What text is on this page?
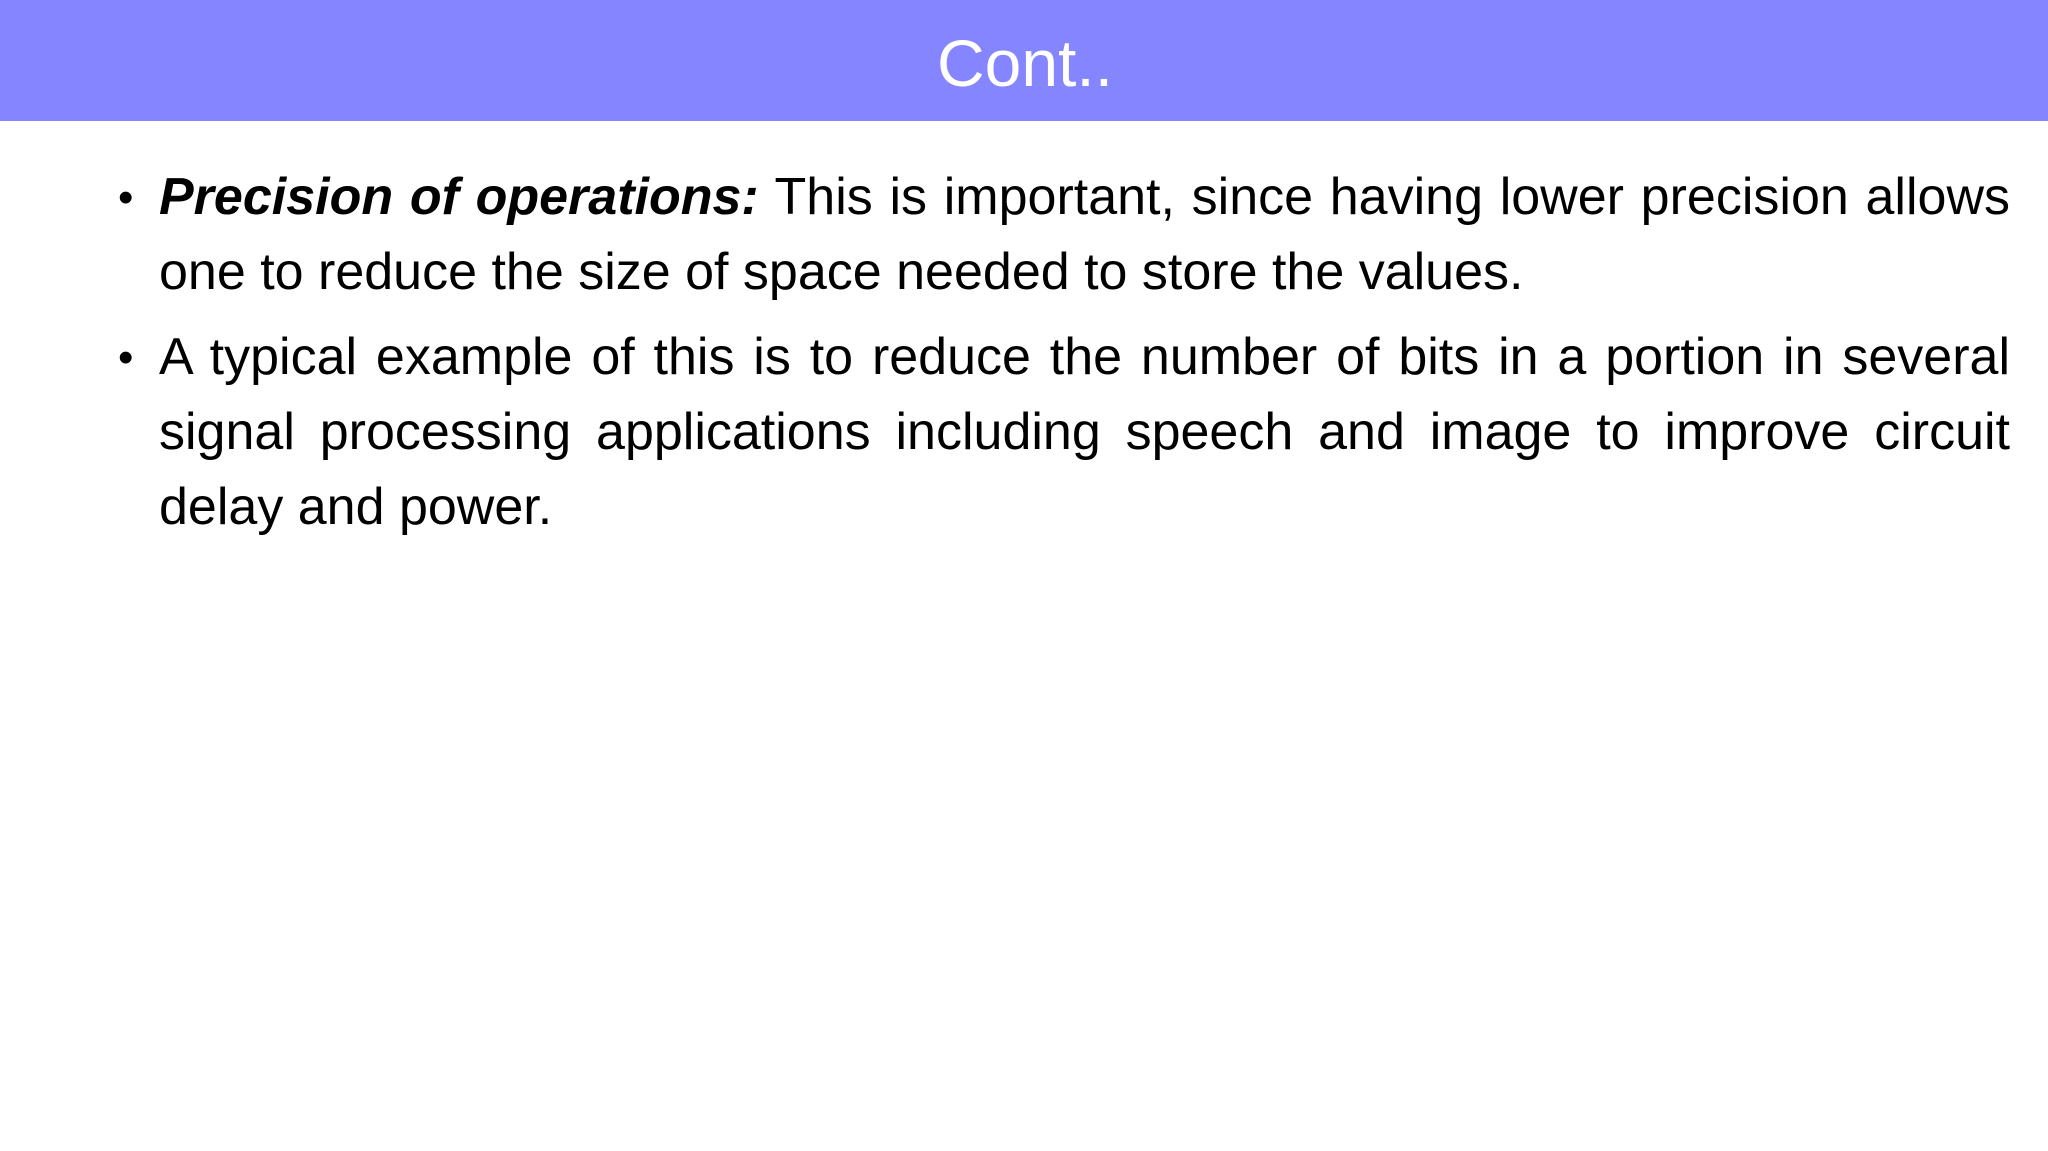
Cont..
• Precision of operations: This is important, since having lower precision allows one to reduce the size of space needed to store the values.
• A typical example of this is to reduce the number of bits in a portion in several signal processing applications including speech and image to improve circuit delay and power.
